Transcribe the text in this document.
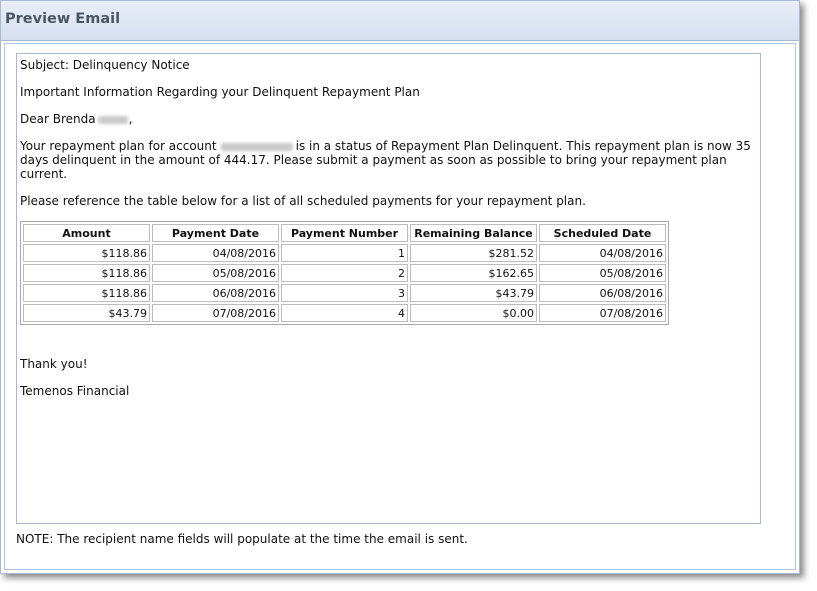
Preview Email

Subject: Delinquency Notice

Important Information Regarding your Delinquent Repayment Plan

Dear Brenda	,

Your repayment plan for account	is in a status of Repayment Plan Delinquent. This repayment plan is now 35 days delinquent in the amount of 444.17. Please submit a payment as soon as possible to bring your repayment plan current.

Please reference the table below for a list of all scheduled payments for your repayment plan.

Amount	Payment Date	Payment Number	Remaining Balance	Scheduled Date
$118.86	04/08/2016	1	$281.52	04/08/2016
$118.86	05/08/2016	2	$162.65	05/08/2016
$118.86	06/08/2016	3	$43.79	06/08/2016
$43.79	07/08/2016	4	$0.00	07/08/2016

Thank you!

Temenos Financial

NOTE: The recipient name fields will populate at the time the email is sent.
